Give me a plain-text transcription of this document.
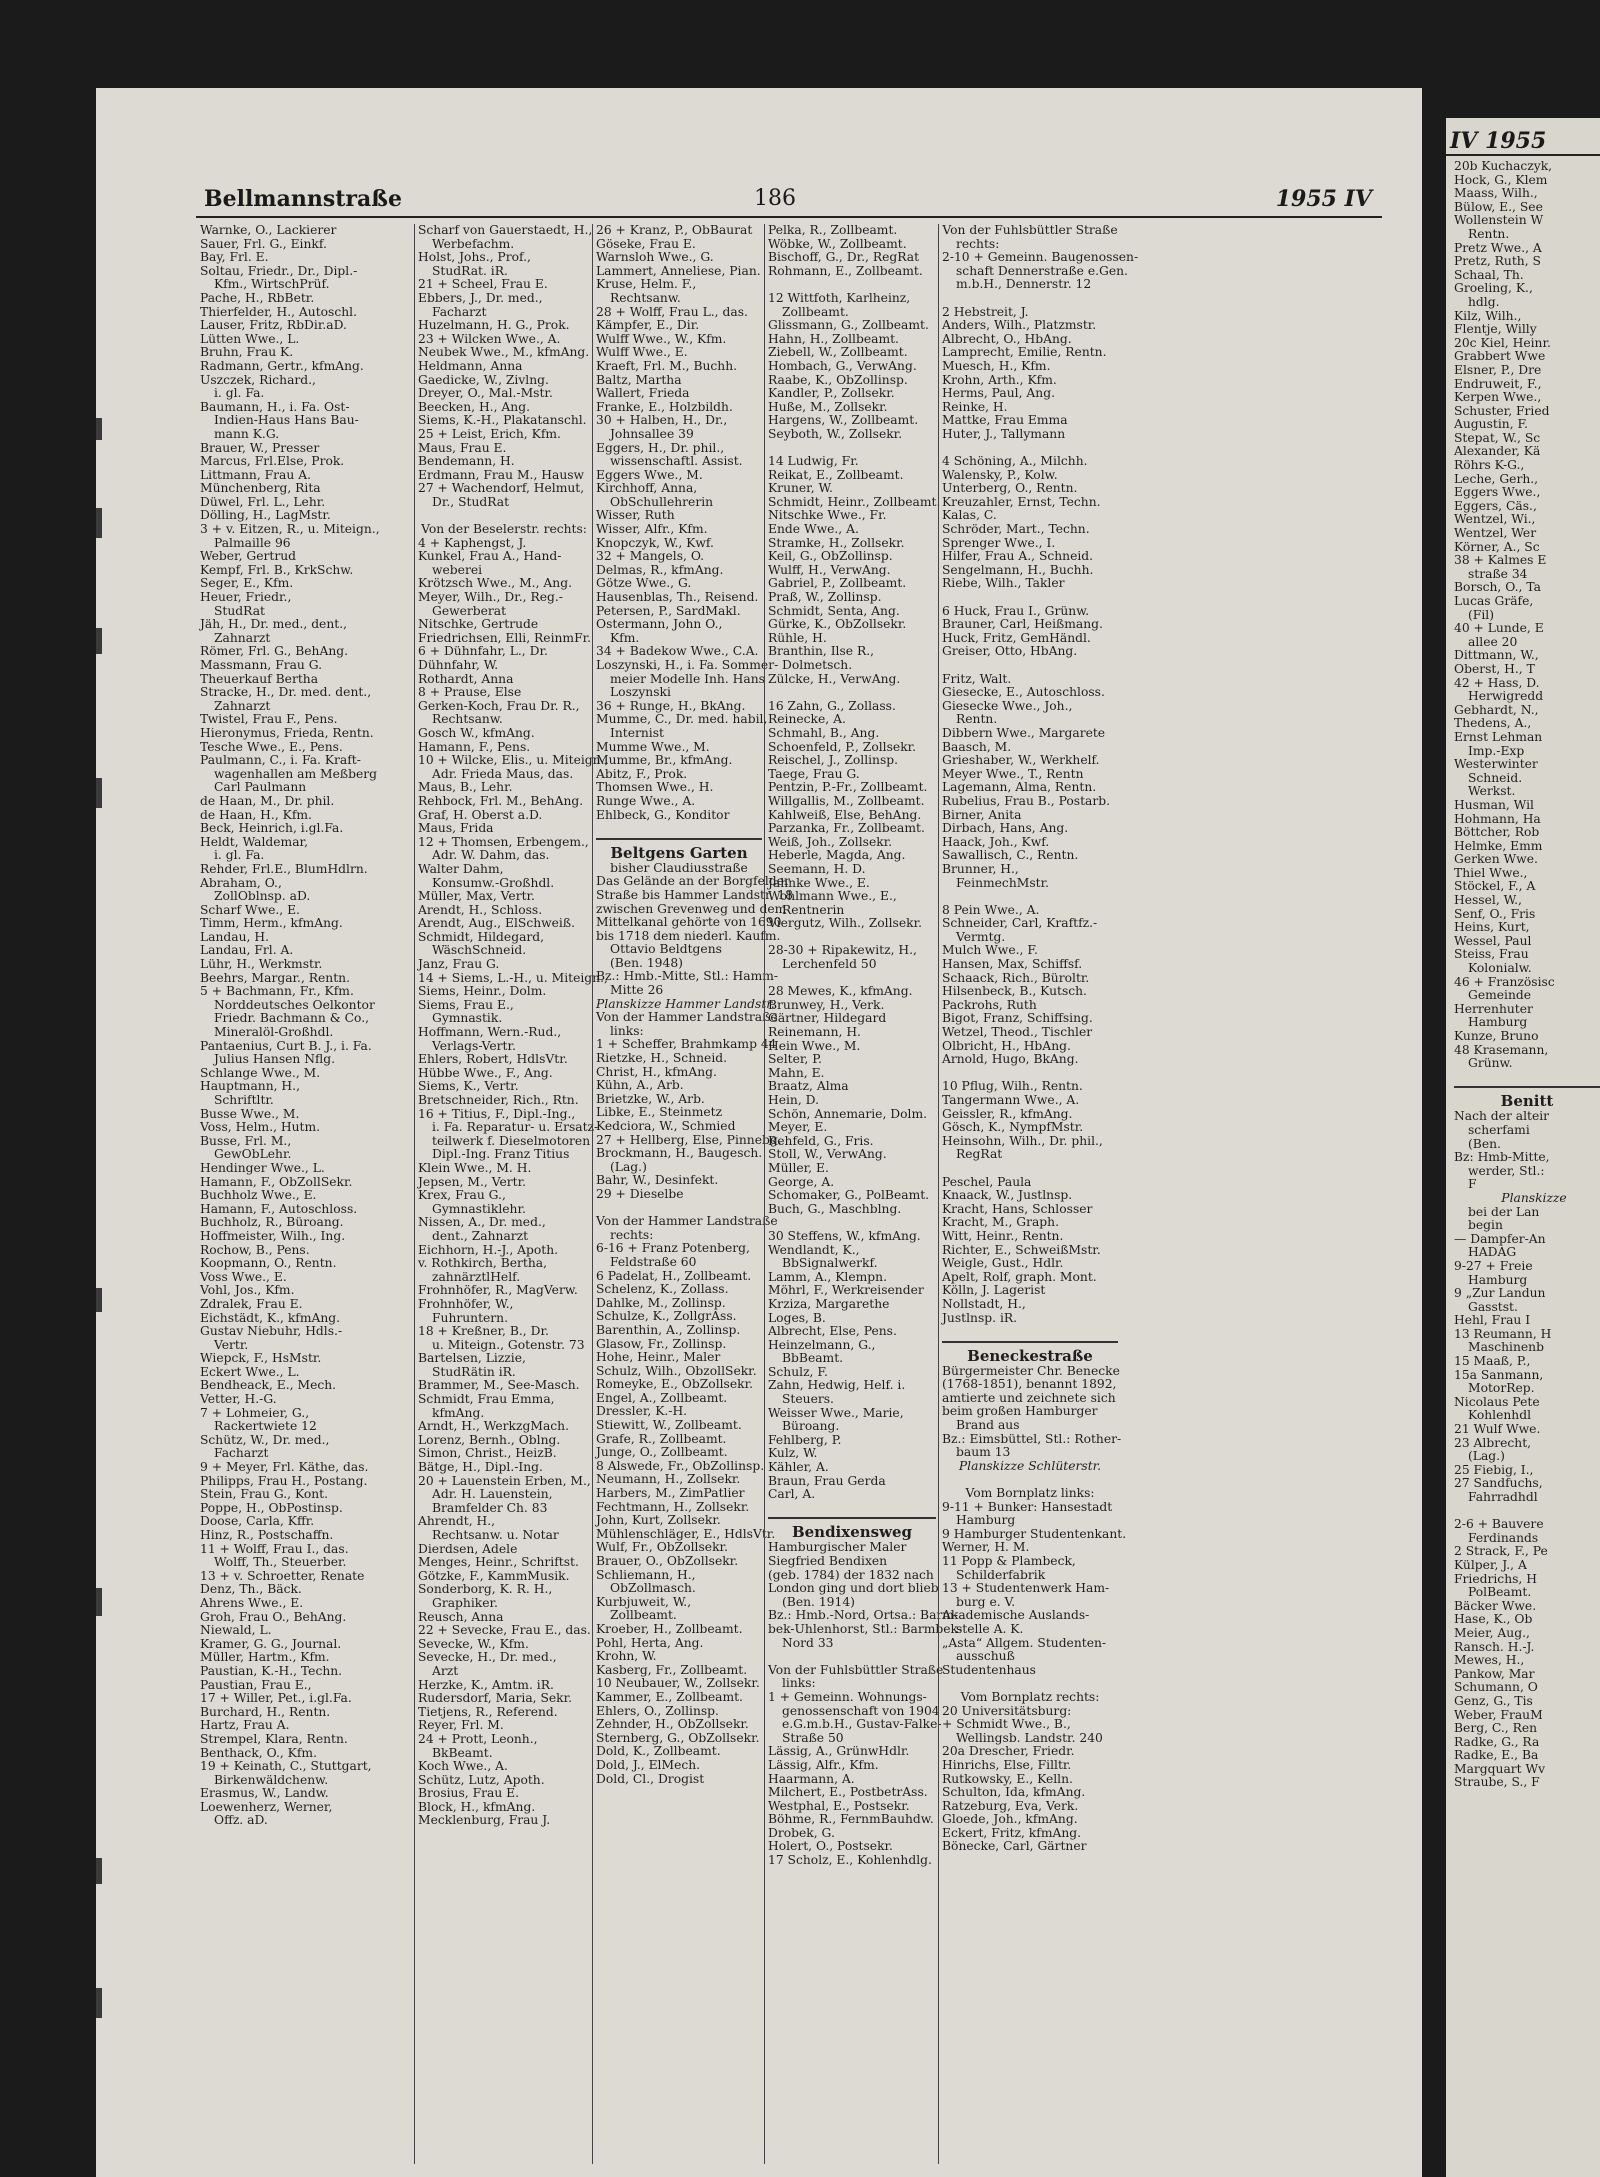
Bellmannstraße	186	1955 IV
Warnke, O., Lackierer
Sauer, Frl. G., Einkf.
Bay, Frl. E.
Soltau, Friedr., Dr., Dipl.-
Kfm., WirtschPrüf.
Pache, H., RbBetr.
Thierfelder, H., Autoschl.
Lauser, Fritz, RbDir.aD.
Lütten Wwe., L.
Bruhn, Frau K.
Radmann, Gertr., kfmAng.
Uszczek, Richard.,
i. gl. Fa.
Baumann, H., i. Fa. Ost-
Indien-Haus Hans Bau-
mann K.G.
Brauer, W., Presser
Marcus, Frl.Else, Prok.
Littmann, Frau A.
Münchenberg, Rita
Düwel, Frl. L., Lehr.
Dölling, H., LagMstr.
3 + v. Eitzen, R., u. Miteign.,
Palmaille 96
Weber, Gertrud
Kempf, Frl. B., KrkSchw.
Seger, E., Kfm.
Heuer, Friedr.,
StudRat
Jäh, H., Dr. med., dent.,
Zahnarzt
Römer, Frl. G., BehAng.
Massmann, Frau G.
Theuerkauf Bertha
Stracke, H., Dr. med. dent.,
Zahnarzt
Twistel, Frau F., Pens.
Hieronymus, Frieda, Rentn.
Tesche Wwe., E., Pens.
Paulmann, C., i. Fa. Kraft-
wagenhallen am Meßberg
Carl Paulmann
de Haan, M., Dr. phil.
de Haan, H., Kfm.
Beck, Heinrich, i.gl.Fa.
Heldt, Waldemar,
i. gl. Fa.
Rehder, Frl.E., BlumHdlrn.
Abraham, O.,
ZollOblnsp. aD.
Scharf Wwe., E.
Timm, Herm., kfmAng.
Landau, H.
Landau, Frl. A.
Lühr, H., Werkmstr.
Beehrs, Margar., Rentn.
5 + Bachmann, Fr., Kfm.
Norddeutsches Oelkontor
Friedr. Bachmann & Co.,
Mineralöl-Großhdl.
Pantaenius, Curt B. J., i. Fa.
Julius Hansen Nflg.
Schlange Wwe., M.
Hauptmann, H.,
Schriftltr.
Busse Wwe., M.
Voss, Helm., Hutm.
Busse, Frl. M.,
GewObLehr.
Hendinger Wwe., L.
Hamann, F., ObZollSekr.
Buchholz Wwe., E.
Hamann, F., Autoschloss.
Buchholz, R., Büroang.
Hoffmeister, Wilh., Ing.
Rochow, B., Pens.
Koopmann, O., Rentn.
Voss Wwe., E.
Vohl, Jos., Kfm.
Zdralek, Frau E.
Eichstädt, K., kfmAng.
Gustav Niebuhr, Hdls.-
Vertr.
Wiepck, F., HsMstr.
Eckert Wwe., L.
Bendheack, E., Mech.
Vetter, H.-G.
7 + Lohmeier, G.,
Rackertwiete 12
Schütz, W., Dr. med.,
Facharzt
9 + Meyer, Frl. Käthe, das.
Philipps, Frau H., Postang.
Stein, Frau G., Kont.
Poppe, H., ObPostinsp.
Doose, Carla, Kffr.
Hinz, R., Postschaffn.
11 + Wolff, Frau I., das.
Wolff, Th., Steuerber.
13 + v. Schroetter, Renate
Denz, Th., Bäck.
Ahrens Wwe., E.
Groh, Frau O., BehAng.
Niewald, L.
Kramer, G. G., Journal.
Müller, Hartm., Kfm.
Paustian, K.-H., Techn.
Paustian, Frau E.,
17 + Willer, Pet., i.gl.Fa.
Burchard, H., Rentn.
Hartz, Frau A.
Strempel, Klara, Rentn.
Benthack, O., Kfm.
19 + Keinath, C., Stuttgart,
Birkenwäldchenw.
Erasmus, W., Landw.
Loewenherz, Werner,
Offz. aD.
Scharf von Gauerstaedt, H.,
Werbefachm.
Holst, Johs., Prof.,
StudRat. iR.
21 + Scheel, Frau E.
Ebbers, J., Dr. med.,
Facharzt
Huzelmann, H. G., Prok.
23 + Wilcken Wwe., A.
Neubek Wwe., M., kfmAng.
Heldmann, Anna
Gaedicke, W., Zivlng.
Dreyer, O., Mal.-Mstr.
Beecken, H., Ang.
Siems, K.-H., Plakatanschl.
25 + Leist, Erich, Kfm.
Maus, Frau E.
Bendemann, H.
Erdmann, Frau M., Hausw
27 + Wachendorf, Helmut,
Dr., StudRat

Von der Beselerstr. rechts:
4 + Kaphengst, J.
Kunkel, Frau A., Hand-
weberei
Krötzsch Wwe., M., Ang.
Meyer, Wilh., Dr., Reg.-
Gewerberat
Nitschke, Gertrude
Friedrichsen, Elli, ReinmFr.
6 + Dühnfahr, L., Dr.
Dühnfahr, W.
Rothardt, Anna
8 + Prause, Else
Gerken-Koch, Frau Dr. R.,
Rechtsanw.
Gosch W., kfmAng.
Hamann, F., Pens.
10 + Wilcke, Elis., u. Miteign.,
Adr. Frieda Maus, das.
Maus, B., Lehr.
Rehbock, Frl. M., BehAng.
Graf, H. Oberst a.D.
Maus, Frida
12 + Thomsen, Erbengem.,
Adr. W. Dahm, das.
Walter Dahm,
Konsumw.-Großhdl.
Müller, Max, Vertr.
Arendt, H., Schloss.
Arendt, Aug., ElSchweiß.
Schmidt, Hildegard,
WäschSchneid.
Janz, Frau G.
14 + Siems, L.-H., u. Miteign.,
Siems, Heinr., Dolm.
Siems, Frau E.,
Gymnastik.
Hoffmann, Wern.-Rud.,
Verlags-Vertr.
Ehlers, Robert, HdlsVtr.
Hübbe Wwe., F., Ang.
Siems, K., Vertr.
Bretschneider, Rich., Rtn.
16 + Titius, F., Dipl.-Ing.,
i. Fa. Reparatur- u. Ersatz-
teilwerk f. Dieselmotoren
Dipl.-Ing. Franz Titius
Klein Wwe., M. H.
Jepsen, M., Vertr.
Krex, Frau G.,
Gymnastiklehr.
Nissen, A., Dr. med.,
dent., Zahnarzt
Eichhorn, H.-J., Apoth.
v. Rothkirch, Bertha,
zahnärztlHelf.
Frohnhöfer, R., MagVerw.
Frohnhöfer, W.,
Fuhruntern.
18 + Kreßner, B., Dr.
u. Miteign., Gotenstr. 73
Bartelsen, Lizzie,
StudRätin iR.
Brammer, M., See-Masch.
Schmidt, Frau Emma,
kfmAng.
Arndt, H., WerkzgMach.
Lorenz, Bernh., Oblng.
Simon, Christ., HeizB.
Bätge, H., Dipl.-Ing.
20 + Lauenstein Erben, M.,
Adr. H. Lauenstein,
Bramfelder Ch. 83
Ahrendt, H.,
Rechtsanw. u. Notar
Dierdsen, Adele
Menges, Heinr., Schriftst.
Götzke, F., KammMusik.
Sonderborg, K. R. H.,
Graphiker.
Reusch, Anna
22 + Sevecke, Frau E., das.
Sevecke, W., Kfm.
Sevecke, H., Dr. med.,
Arzt
Herzke, K., Amtm. iR.
Rudersdorf, Maria, Sekr.
Tietjens, R., Referend.
Reyer, Frl. M.
24 + Prott, Leonh.,
BkBeamt.
Koch Wwe., A.
Schütz, Lutz, Apoth.
Brosius, Frau E.
Block, H., kfmAng.
Mecklenburg, Frau J.
26 + Kranz, P., ObBaurat
Göseke, Frau E.
Warnsloh Wwe., G.
Lammert, Anneliese, Pian.
Kruse, Helm. F.,
Rechtsanw.
28 + Wolff, Frau L., das.
Kämpfer, E., Dir.
Wulff Wwe., W., Kfm.
Wulff Wwe., E.
Kraeft, Frl. M., Buchh.
Baltz, Martha
Wallert, Frieda
Franke, E., Holzbildh.
30 + Halben, H., Dr.,
Johnsallee 39
Eggers, H., Dr. phil.,
wissenschaftl. Assist.
Eggers Wwe., M.
Kirchhoff, Anna,
ObSchullehrerin
Wisser, Ruth
Wisser, Alfr., Kfm.
Knopczyk, W., Kwf.
32 + Mangels, O.
Delmas, R., kfmAng.
Götze Wwe., G.
Hausenblas, Th., Reisend.
Petersen, P., SardMakl.
Ostermann, John O.,
Kfm.
34 + Badekow Wwe., C.A.
Loszynski, H., i. Fa. Sommer-
meier Modelle Inh. Hans
Loszynski
36 + Runge, H., BkAng.
Mumme, C., Dr. med. habil,
Internist
Mumme Wwe., M.
Mumme, Br., kfmAng.
Abitz, F., Prok.
Thomsen Wwe., H.
Runge Wwe., A.
Ehlbeck, G., Konditor

Beltgens Garten
bisher Claudiusstraße
Das Gelände an der Borgfelder
Straße bis Hammer Landstr. 18
zwischen Grevenweg und dem
Mittelkanal gehörte von 1690
bis 1718 dem niederl. Kaufm.
Ottavio Beldtgens
(Ben. 1948)
Bz.: Hmb.-Mitte, Stl.: Hamm-
Mitte 26
Planskizze Hammer Landstr.
Von der Hammer Landstraße
links:
1 + Scheffer, Brahmkamp 44
Rietzke, H., Schneid.
Christ, H., kfmAng.
Kühn, A., Arb.
Brietzke, W., Arb.
Libke, E., Steinmetz
Kedciora, W., Schmied
27 + Hellberg, Else, Pinnebg.
Brockmann, H., Baugesch.
(Lag.)
Bahr, W., Desinfekt.
29 + Dieselbe

Von der Hammer Landstraße
rechts:
6-16 + Franz Potenberg,
Feldstraße 60
6 Padelat, H., Zollbeamt.
Schelenz, K., Zollass.
Dahlke, M., Zollinsp.
Schulze, K., ZollgrAss.
Barenthin, A., Zollinsp.
Glasow, Fr., Zollinsp.
Hohe, Heinr., Maler
Schulz, Wilh., ObzollSekr.
Romeyke, E., ObZollsekr.
Engel, A., Zollbeamt.
Dressler, K.-H.
Stiewitt, W., Zollbeamt.
Grafe, R., Zollbeamt.
Junge, O., Zollbeamt.
8 Alswede, Fr., ObZollinsp.
Neumann, H., Zollsekr.
Harbers, M., ZimPatlier
Fechtmann, H., Zollsekr.
John, Kurt, Zollsekr.
Mühlenschläger, E., HdlsVtr.
Wulf, Fr., ObZollsekr.
Brauer, O., ObZollsekr.
Schliemann, H.,
ObZollmasch.
Kurbjuweit, W.,
Zollbeamt.
Kroeber, H., Zollbeamt.
Pohl, Herta, Ang.
Krohn, W.
Kasberg, Fr., Zollbeamt.
10 Neubauer, W., Zollsekr.
Kammer, E., Zollbeamt.
Ehlers, O., Zollinsp.
Zehnder, H., ObZollsekr.
Sternberg, G., ObZollsekr.
Dold, K., Zollbeamt.
Dold, J., ElMech.
Dold, Cl., Drogist
Pelka, R., Zollbeamt.
Wöbke, W., Zollbeamt.
Bischoff, G., Dr., RegRat
Rohmann, E., Zollbeamt.

12 Wittfoth, Karlheinz,
Zollbeamt.
Glissmann, G., Zollbeamt.
Hahn, H., Zollbeamt.
Ziebell, W., Zollbeamt.
Hombach, G., VerwAng.
Raabe, K., ObZollinsp.
Kandler, P., Zollsekr.
Huße, M., Zollsekr.
Hargens, W., Zollbeamt.
Seyboth, W., Zollsekr.

14 Ludwig, Fr.
Reikat, E., Zollbeamt.
Kruner, W.
Schmidt, Heinr., Zollbeamt.
Nitschke Wwe., Fr.
Ende Wwe., A.
Stramke, H., Zollsekr.
Keil, G., ObZollinsp.
Wulff, H., VerwAng.
Gabriel, P., Zollbeamt.
Praß, W., Zollinsp.
Schmidt, Senta, Ang.
Gürke, K., ObZollsekr.
Rühle, H.
Branthin, Ilse R.,
Dolmetsch.
Zülcke, H., VerwAng.

16 Zahn, G., Zollass.
Reinecke, A.
Schmahl, B., Ang.
Schoenfeld, P., Zollsekr.
Reischel, J., Zollinsp.
Taege, Frau G.
Pentzin, P.-Fr., Zollbeamt.
Willgallis, M., Zollbeamt.
Kahlweiß, Else, BehAng.
Parzanka, Fr., Zollbeamt.
Weiß, Joh., Zollsekr.
Heberle, Magda, Ang.
Seemann, H. D.
Jahnke Wwe., E.
Wohlmann Wwe., E.,
Rentnerin
Viergutz, Wilh., Zollsekr.

28-30 + Ripakewitz, H.,
Lerchenfeld 50

28 Mewes, K., kfmAng.
Brunwey, H., Verk.
Gärtner, Hildegard
Reinemann, H.
Hein Wwe., M.
Selter, P.
Mahn, E.
Braatz, Alma
Hein, D.
Schön, Annemarie, Dolm.
Meyer, E.
Rehfeld, G., Fris.
Stoll, W., VerwAng.
Müller, E.
George, A.
Schomaker, G., PolBeamt.
Buch, G., Maschblng.

30 Steffens, W., kfmAng.
Wendlandt, K.,
BbSignalwerkf.
Lamm, A., Klempn.
Möhrl, F., Werkreisender
Krziza, Margarethe
Loges, B.
Albrecht, Else, Pens.
Heinzelmann, G.,
BbBeamt.
Schulz, F.
Zahn, Hedwig, Helf. i.
Steuers.
Weisser Wwe., Marie,
Büroang.
Fehlberg, P.
Kulz, W.
Kähler, A.
Braun, Frau Gerda
Carl, A.

Bendixensweg
Hamburgischer Maler
Siegfried Bendixen
(geb. 1784) der 1832 nach
London ging und dort blieb
(Ben. 1914)
Bz.: Hmb.-Nord, Ortsa.: Barm-
bek-Uhlenhorst, Stl.: Barmbek-
Nord 33

Von der Fuhlsbüttler Straße
links:
1 + Gemeinn. Wohnungs-
genossenschaft von 1904
e.G.m.b.H., Gustav-Falke-
Straße 50
Lässig, A., GrünwHdlr.
Lässig, Alfr., Kfm.
Haarmann, A.
Milchert, E., PostbetrAss.
Westphal, E., Postsekr.
Böhme, R., FernmBauhdw.
Drobek, G.
Holert, O., Postsekr.
17 Scholz, E., Kohlenhdlg.
Von der Fuhlsbüttler Straße
rechts:
2-10 + Gemeinn. Baugenossen-
schaft Dennerstraße e.Gen.
m.b.H., Dennerstr. 12

2 Hebstreit, J.
Anders, Wilh., Platzmstr.
Albrecht, O., HbAng.
Lamprecht, Emilie, Rentn.
Muesch, H., Kfm.
Krohn, Arth., Kfm.
Herms, Paul, Ang.
Reinke, H.
Mattke, Frau Emma
Huter, J., Tallymann

4 Schöning, A., Milchh.
Walensky, P., Kolw.
Unterberg, O., Rentn.
Kreuzahler, Ernst, Techn.
Kalas, C.
Schröder, Mart., Techn.
Sprenger Wwe., I.
Hilfer, Frau A., Schneid.
Sengelmann, H., Buchh.
Riebe, Wilh., Takler

6 Huck, Frau I., Grünw.
Brauner, Carl, Heißmang.
Huck, Fritz, GemHändl.
Greiser, Otto, HbAng.

Fritz, Walt.
Giesecke, E., Autoschloss.
Giesecke Wwe., Joh.,
Rentn.
Dibbern Wwe., Margarete
Baasch, M.
Grieshaber, W., Werkhelf.
Meyer Wwe., T., Rentn
Lagemann, Alma, Rentn.
Rubelius, Frau B., Postarb.
Birner, Anita
Dirbach, Hans, Ang.
Haack, Joh., Kwf.
Sawallisch, C., Rentn.
Brunner, H.,
FeinmechMstr.

8 Pein Wwe., A.
Schneider, Carl, Kraftfz.-
Vermtg.
Mulch Wwe., F.
Hansen, Max, Schiffsf.
Schaack, Rich., Büroltr.
Hilsenbeck, B., Kutsch.
Packrohs, Ruth
Bigot, Franz, Schiffsing.
Wetzel, Theod., Tischler
Olbricht, H., HbAng.
Arnold, Hugo, BkAng.

10 Pflug, Wilh., Rentn.
Tangermann Wwe., A.
Geissler, R., kfmAng.
Gösch, K., NympfMstr.
Heinsohn, Wilh., Dr. phil.,
RegRat

Peschel, Paula
Knaack, W., Justlnsp.
Kracht, Hans, Schlosser
Kracht, M., Graph.
Witt, Heinr., Rentn.
Richter, E., SchweißMstr.
Weigle, Gust., Hdlr.
Apelt, Rolf, graph. Mont.
Kölln, J. Lagerist
Nollstadt, H.,
Justlnsp. iR.

Beneckestraße
Bürgermeister Chr. Benecke
(1768-1851), benannt 1892,
amtierte und zeichnete sich
beim großen Hamburger
Brand aus
Bz.: Eimsbüttel, Stl.: Rother-
baum 13
Planskizze Schlüterstr.

Vom Bornplatz links:
9-11 + Bunker: Hansestadt
Hamburg
9 Hamburger Studentenkant.
Werner, H. M.
11 Popp & Plambeck,
Schilderfabrik
13 + Studentenwerk Ham-
burg e. V.
Akademische Auslands-
stelle A. K.
„Asta“ Allgem. Studenten-
ausschuß
Studentenhaus

Vom Bornplatz rechts:
20 Universitätsburg:
+ Schmidt Wwe., B.,
Wellingsb. Landstr. 240
20a Drescher, Friedr.
Hinrichs, Else, Filltr.
Rutkowsky, E., Kelln.
Schulton, Ida, kfmAng.
Ratzeburg, Eva, Verk.
Gloede, Joh., kfmAng.
Eckert, Fritz, kfmAng.
Bönecke, Carl, Gärtner
IV 1955
20b Kuchaczyk,
Hock, G., Klem
Maass, Wilh.,
Bülow, E., See
Wollenstein W
Rentn.
Pretz Wwe., A
Pretz, Ruth, S
Schaal, Th.
Groeling, K.,
hdlg.
Kilz, Wilh.,
Flentje, Willy
20c Kiel, Heinr.
Grabbert Wwe
Elsner, P., Dre
Endruweit, F.,
Kerpen Wwe.,
Schuster, Fried
Augustin, F.
Stepat, W., Sc
Alexander, Kä
Röhrs K-G.,
Leche, Gerh.,
Eggers Wwe.,
Eggers, Cäs.,
Wentzel, Wi.,
Wentzel, Wer
Körner, A., Sc
38 + Kalmes E
straße 34
Borsch, O., Ta
Lucas Gräfe,
(Fil)
40 + Lunde, E
allee 20
Dittmann, W.,
Oberst, H., T
42 + Hass, D.
Herwigredd
Gebhardt, N.,
Thedens, A.,
Ernst Lehman
Imp.-Exp
Westerwinter
Schneid.
Werkst.
Husman, Wil
Hohmann, Ha
Böttcher, Rob
Helmke, Emm
Gerken Wwe.
Thiel Wwe.,
Stöckel, F., A
Hessel, W.,
Senf, O., Fris
Heins, Kurt,
Wessel, Paul
Steiss, Frau
Kolonialw.
46 + Französisc
Gemeinde
Herrenhuter
Hamburg
Kunze, Bruno
48 Krasemann,
Grünw.

Benitt
Nach der alteir
scherfami
(Ben.
Bz: Hmb-Mitte,
werder, Stl.:
F
Planskizze
bei der Lan
begin
— Dampfer-An
HADAG
9-27 + Freie
Hamburg
9 „Zur Landun
Gasstst.
Hehl, Frau I
13 Reumann, H
Maschinenb
15 Maaß, P.,
15a Sanmann,
MotorRep.
Nicolaus Pete
Kohlenhdl
21 Wulf Wwe.
23 Albrecht,
(Lag.)
25 Fiebig, I.,
27 Sandfuchs,
Fahrradhdl

2-6 + Bauvere
Ferdinands
2 Strack, F., Pe
Külper, J., A
Friedrichs, H
PolBeamt.
Bäcker Wwe.
Hase, K., Ob
Meier, Aug.,
Ransch. H.-J.
Mewes, H.,
Pankow, Mar
Schumann, O
Genz, G., Tis
Weber, FrauM
Berg, C., Ren
Radke, G., Ra
Radke, E., Ba
Margquart Wv
Straube, S., F
